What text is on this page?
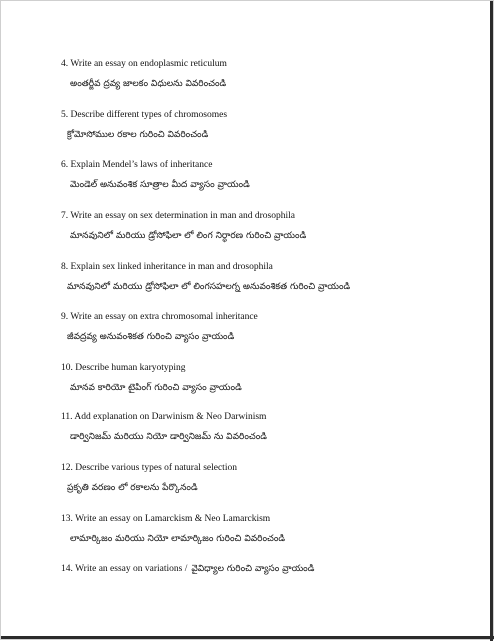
4. Write an essay on endoplasmic reticulum
అంతర్జీవ ద్రవ్య జాలకం విధులను వివరించండి
5. Describe different types of chromosomes
క్రోమోసోముల రకాల గురించి వివరించండి
6. Explain Mendel’s laws of inheritance
మెండెల్ అనువంశిక సూత్రాల మీద వ్యాసం వ్రాయండి
7. Write an essay on sex determination in man and drosophila
మానవునిలో మరియు డ్రోసోఫిలా లో లింగ నిర్ధారణ గురించి వ్రాయండి
8. Explain sex linked inheritance in man and drosophila
మానవునిలో మరియు డ్రోసోఫిలా లో లింగసహలగ్న అనువంశికత గురించి వ్రాయండి
9. Write an essay on extra chromosomal inheritance
జీవద్రవ్య అనువంశికత గురించి వ్యాసం వ్రాయండి
10. Describe human karyotyping
మానవ కారియో టైపింగ్ గురించి వ్యాసం వ్రాయండి
11. Add explanation on Darwinism & Neo Darwinism
డార్వినిజమ్ మరియు నియో డార్వినిజమ్ ను వివరించండి
12. Describe various types of natural selection
ప్రకృతి వరణం లో రకాలను పేర్కొనండి
13. Write an essay on Lamarckism & Neo Lamarckism
లామార్కిజం మరియు నియో లామార్కిజం గురించి వివరించండి
14. Write an essay on variations / వైవిధ్యాల గురించి వ్యాసం వ్రాయండి
